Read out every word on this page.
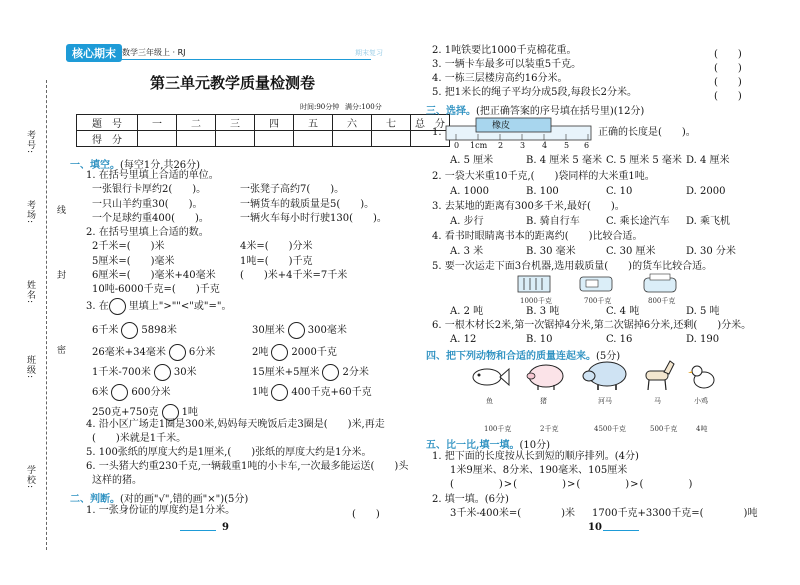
考号:
考场:
姓名:
班级:
学校:
线
封
密
核心期末 数学三年级上 · RJ
第三单元教学质量检测卷
时间:90分钟 满分:100分
题　号	一	二	三	四	五	六	七	总　分
得　分								
一、填空。(每空1分,共26分)
1. 在括号里填上合适的单位。
一张银行卡厚约2(　　)。	一张凳子高约7(　　)。
一只山羊约重30(　　)。	一辆货车的载质量是5(　　)。
一个足球约重400(　　)。	一辆火车每小时行驶130(　　)。
2. 在括号里填上合适的数。
2千米=(　　)米	4米=(　　)分米
5厘米=(　　)毫米	1吨=(　　)千克
6厘米=(　　)毫米+40毫米 (　　)米+4千米=7千米
10吨-6000千克=(　　)千克
3. 在　　里填上">""<"或"="。
6千米 5898米	30厘米 300毫米
26毫米+34毫米 6分米	2吨 2000千克
1千米-700米 30米	15厘米+5厘米 2分米
6米 600分米	1吨 400千克+60千克
250克+750克 1吨
4. 沿小区广场走1圈是300米,妈妈每天晚饭后走3圈是(　　)米,再走
(　　)米就是1千米。
5. 100张纸的厚度大约是1厘米,(　　)张纸的厚度大约是1分米。
6. 一头猪大约重230千克,一辆载重1吨的小卡车,一次最多能运送(　　)头
这样的猪。
二、判断。(对的画"√",错的画"×")(5分)
1. 一张身份证的厚度约是1分米。	(　　)
9
期末复习	2. 1吨铁要比1000千克棉花重。	(　　)
3. 一辆卡车最多可以装重5千克。	(　　)
4. 一栋三层楼房高约16分米。	(　　)
5. 把1米长的绳子平均分成5段,每段长2分米。	(　　)
三、选择。(把正确答案的序号填在括号里)(12分)
1.
橡皮
0 1cm 2 3 4 5 6
正确的长度是(　　)。
A. 5 厘米	B. 4 厘米 5 毫米 C. 5 厘米 5 毫米 D. 4 厘米
2. 一袋大米重10千克,(　　)袋同样的大米重1吨。
A. 1000	B. 100	C. 10	D. 2000
3. 去某地的距离有300多千米,最好(　　)。
A. 步行	B. 骑自行车	C. 乘长途汽车 D. 乘飞机
4. 看书时眼睛离书本的距离约(　　)比较合适。
A. 3 米	B. 30 毫米	C. 30 厘米	D. 30 分米
5. 要一次运走下面3台机器,选用载质量(　　)的货车比较合适。
1000千克	700千克	800千克
A. 2 吨	B. 3 吨	C. 4 吨	D. 5 吨
6. 一根木材长2米,第一次锯掉4分米,第二次锯掉6分米,还剩(　　)分米。
A. 12	B. 10	C. 16	D. 190
四、把下列动物和合适的质量连起来。(5分)
鱼	猪	河马	马	小鸡
100千克	2千克	4500千克	500千克	4吨
五、比一比,填一填。(10分)
1. 把下面的长度按从长到短的顺序排列。(4分)
1米9厘米、8分米、190毫米、105厘米
(　　　　)>(　　　　)>(　　　　)>(　　　　)
2. 填一填。(6分)
3千米-400米=(　　　　)米 1700千克+3300千克=(　　　　)吨
10
